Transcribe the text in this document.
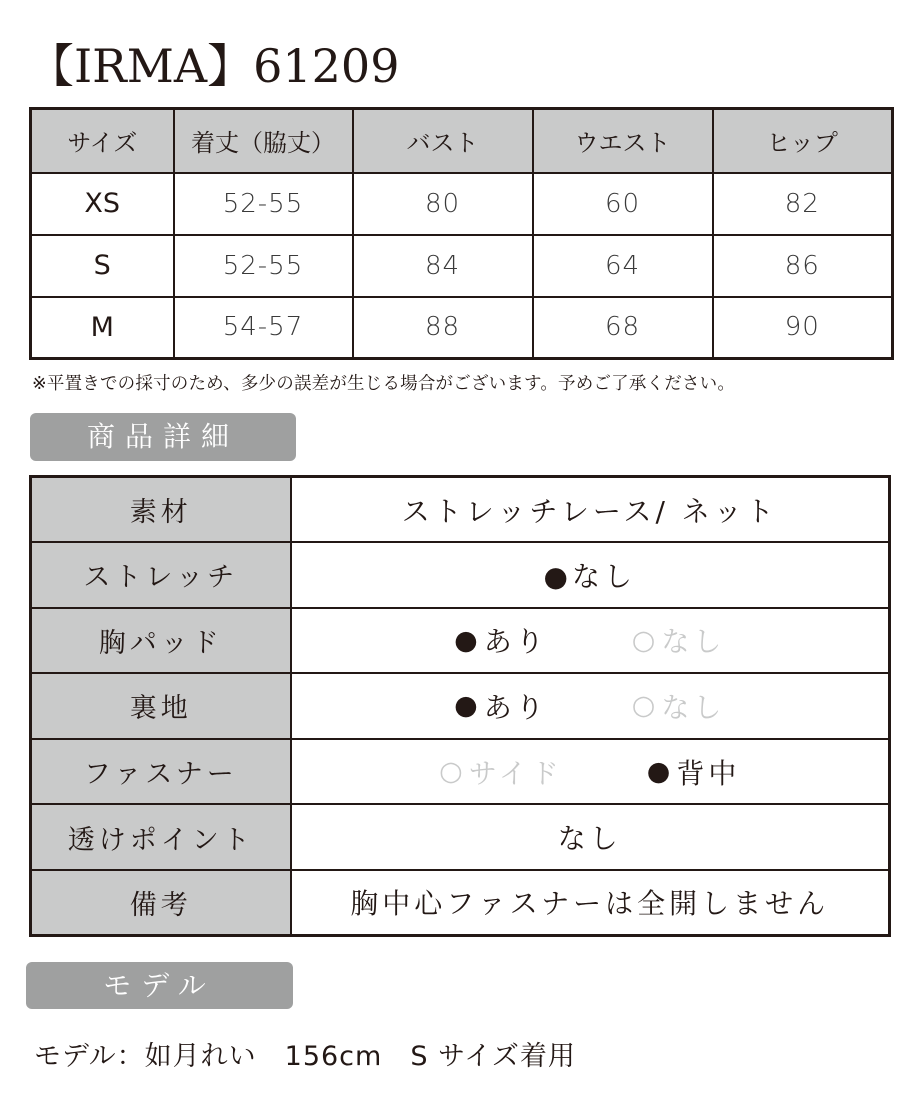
【IRMA】61209
サイズ	着丈（脇丈）	バスト	ウエスト	ヒップ
XS	52-55	80	60	82
S	52-55	84	64	86
M	54-57	88	68	90
※平置きでの採寸のため、多少の誤差が生じる場合がございます。予めご了承ください。
商品詳細
素材	ストレッチレース/ ネット
ストレッチ	●なし
胸パッド	● あり ○ なし

裏地	● あり ○ なし

ファスナー	○ サイド ● 背中

透けポイント	なし
備考	胸中心ファスナーは全開しません
モデル
モデル：如月れい　156cm　S サイズ着用
